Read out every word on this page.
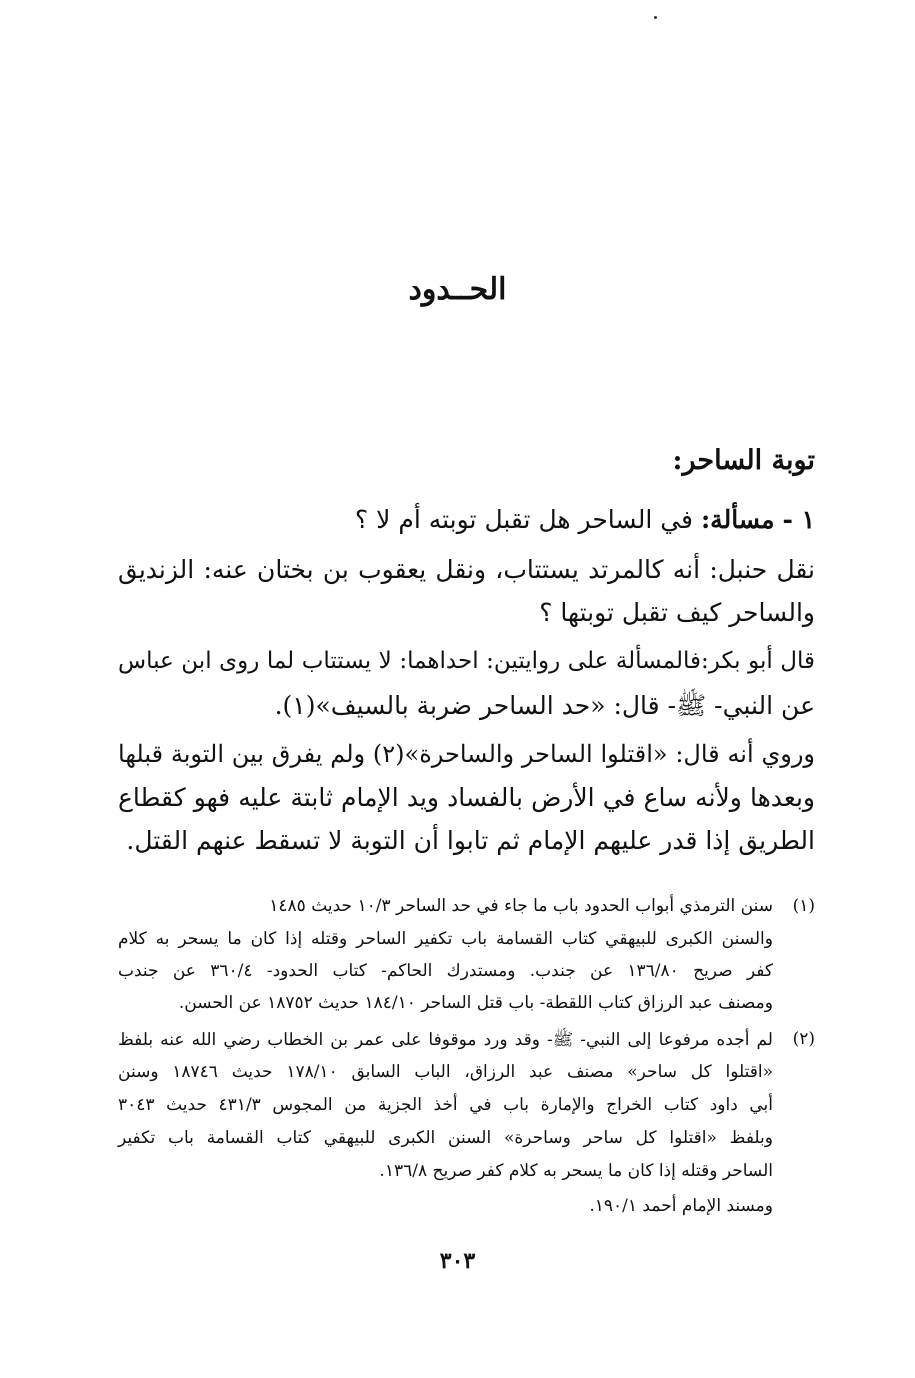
الحــدود
توبة الساحر:
١ - مسألة: في الساحر هل تقبل توبته أم لا ؟
نقل حنبل: أنه كالمرتد يستتاب، ونقل يعقوب بن بختان عنه: الزنديق
والساحر كيف تقبل توبتها ؟
قال أبو بكر:فالمسألة على روايتين: احداهما: لا يستتاب لما روى ابن عباس
عن النبي- ﷺ- قال: «حد الساحر ضربة بالسيف»(١).
وروي أنه قال: «اقتلوا الساحر والساحرة»(٢) ولم يفرق بين التوبة قبلها
وبعدها ولأنه ساع في الأرض بالفساد ويد الإمام ثابتة عليه فهو كقطاع
الطريق إذا قدر عليهم الإمام ثم تابوا أن التوبة لا تسقط عنهم القتل.
(١)
سنن الترمذي أبواب الحدود باب ما جاء في حد الساحر ١٠/٣ حديث ١٤٨٥
والسنن الكبرى للبيهقي كتاب القسامة باب تكفير الساحر وقتله إذا كان ما يسحر به كلام
كفر صريح ١٣٦/٨٠ عن جندب. ومستدرك الحاكم- كتاب الحدود- ٣٦٠/٤ عن جندب
ومصنف عبد الرزاق كتاب اللقطة- باب قتل الساحر ١٨٤/١٠ حديث ١٨٧٥٢ عن الحسن.
(٢)
لم أجده مرفوعا إلى النبي- ﷺ- وقد ورد موقوفا على عمر بن الخطاب رضي الله عنه بلفظ
«اقتلوا كل ساحر» مصنف عبد الرزاق، الباب السابق ١٧٨/١٠ حديث ١٨٧٤٦ وسنن
أبي داود كتاب الخراج والإمارة باب في أخذ الجزية من المجوس ٤٣١/٣ حديث ٣٠٤٣
وبلفظ «اقتلوا كل ساحر وساحرة» السنن الكبرى للبيهقي كتاب القسامة باب تكفير
الساحر وقتله إذا كان ما يسحر به كلام كفر صريح ١٣٦/٨.
ومسند الإمام أحمد ١٩٠/١.
٣٠٣
